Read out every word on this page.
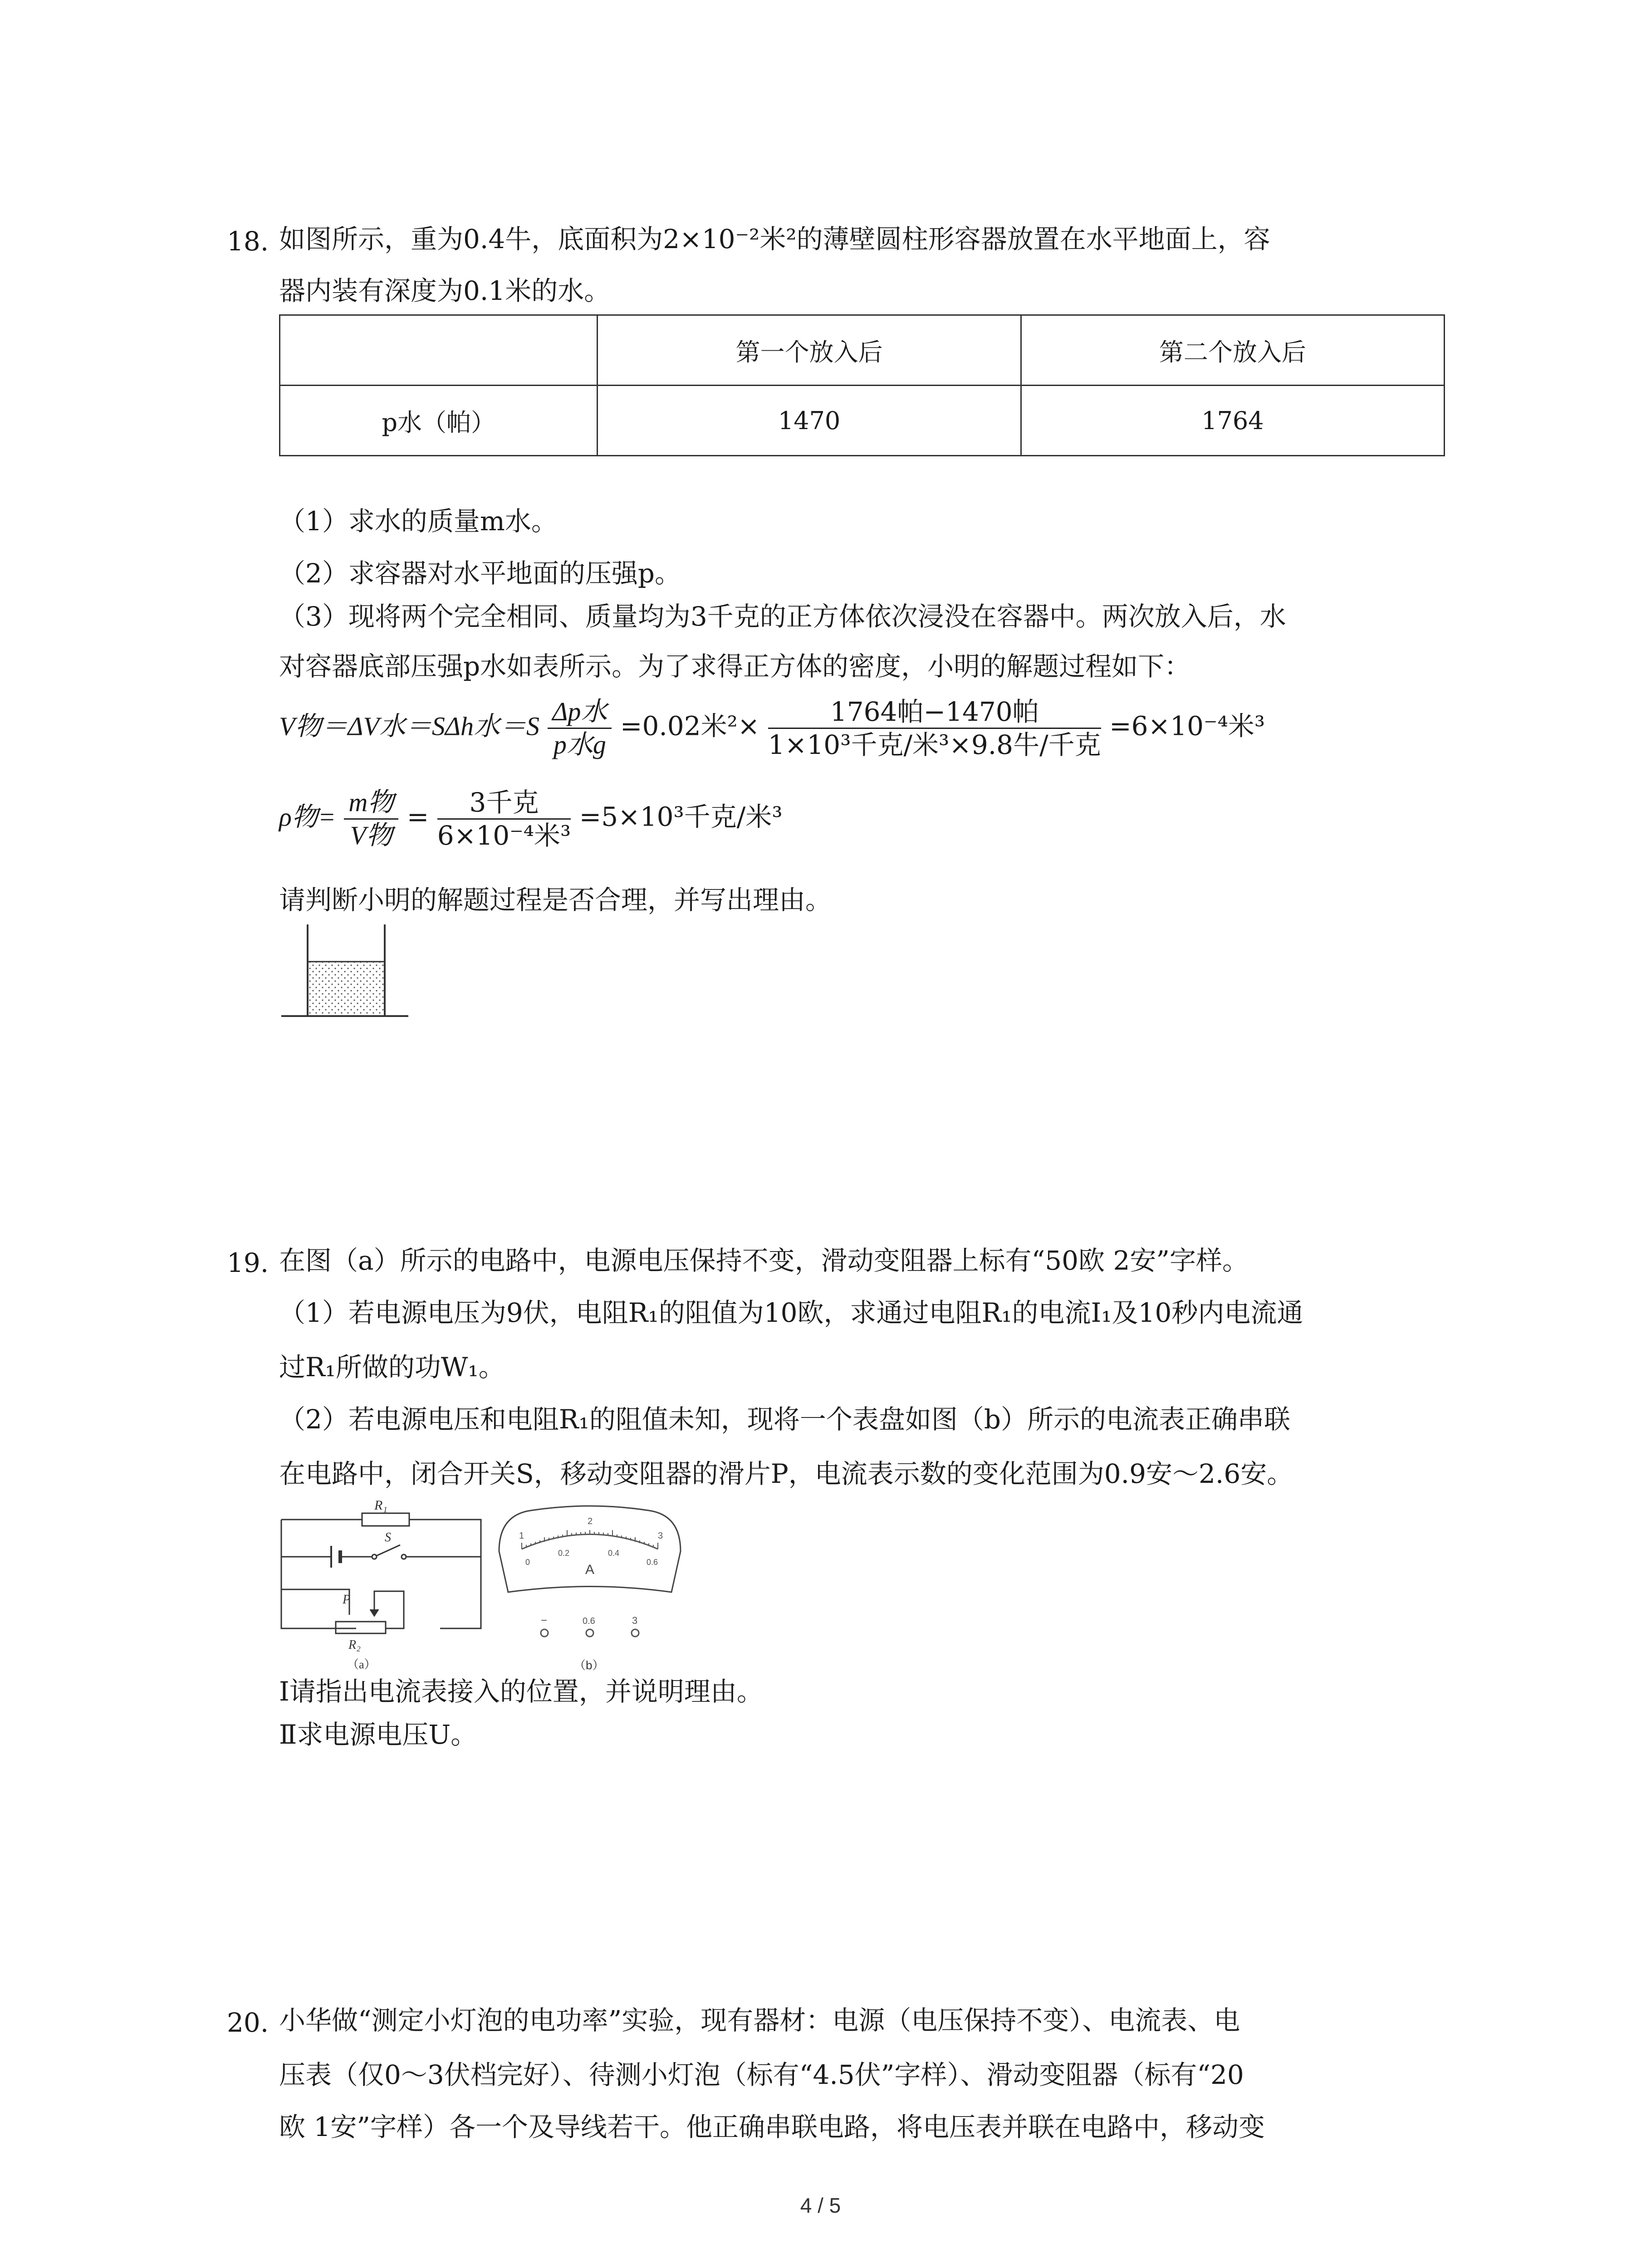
18. 如图所示，重为0.4牛，底面积为2×10⁻²米²的薄壁圆柱形容器放置在水平地面上，容
器内装有深度为0.1米的水。
	第一个放入后	第二个放入后
p水（帕）	1470	1764
（1）求水的质量m水。
（2）求容器对水平地面的压强p。
（3）现将两个完全相同、质量均为3千克的正方体依次浸没在容器中。两次放入后，水
对容器底部压强p水如表所示。为了求得正方体的密度，小明的解题过程如下：
V物＝ΔV水＝SΔh水$=S \frac{\text{Δp水}}{\text{p水g}} =0.02$米$^2\times \frac{\text{1764帕−1470帕}}{\text{1×10³千克/米³×9.8牛/千克}} =6\times 10^{-4}$米³
ρ物= $\frac{\text{m物}}{\text{V物}} = \frac{\text{3千克}}{\text{6×10⁻⁴米³}} =5\times 10^3$千克/米³
请判断小明的解题过程是否合理，并写出理由。
19. 在图（a）所示的电路中，电源电压保持不变，滑动变阻器上标有“50欧 2安”字样。
（1）若电源电压为9伏，电阻R₁的阻值为10欧，求通过电阻R₁的电流I₁及10秒内电流通
过R₁所做的功W₁。
（2）若电源电压和电阻R₁的阻值未知，现将一个表盘如图（b）所示的电流表正确串联
在电路中，闭合开关S，移动变阻器的滑片P，电流表示数的变化范围为0.9安～2.6安。
R₁
S
P
R₂
（a）
1
2
3
0
0.2	0.4
0.6
A
−	0.6	3
（b）
Ⅰ请指出电流表接入的位置，并说明理由。
Ⅱ求电源电压U。
20. 小华做“测定小灯泡的电功率”实验，现有器材：电源（电压保持不变）、电流表、电
压表（仅0～3伏档完好）、待测小灯泡（标有“4.5伏”字样）、滑动变阻器（标有“20
欧 1安”字样）各一个及导线若干。他正确串联电路，将电压表并联在电路中，移动变
4 / 5
